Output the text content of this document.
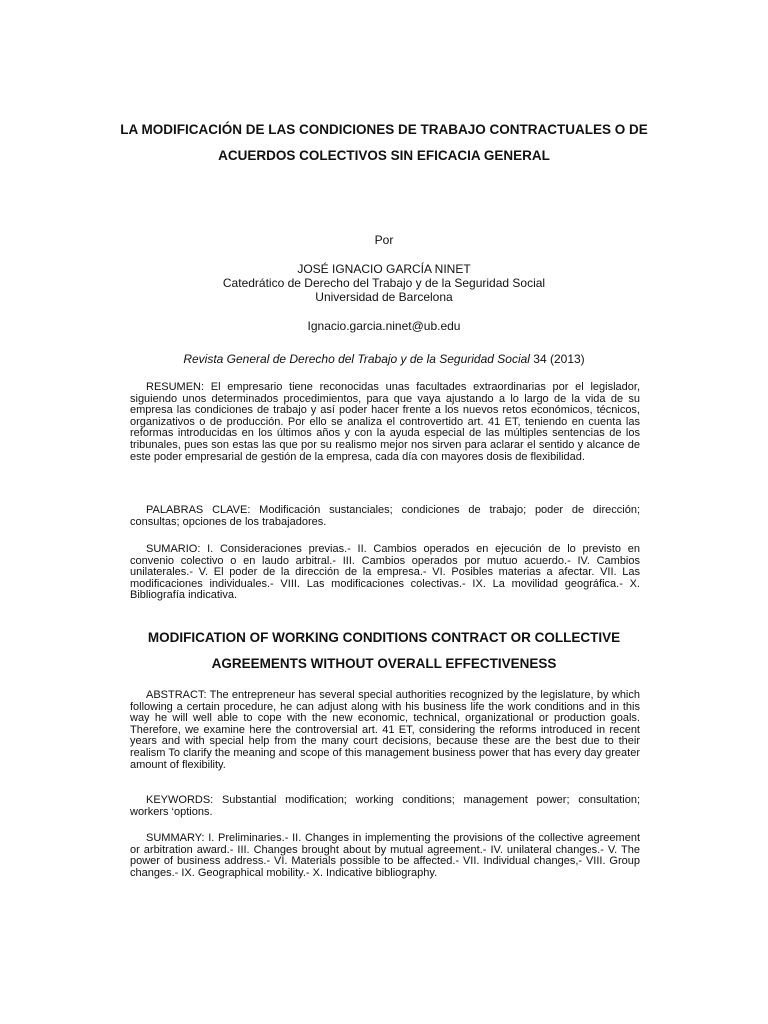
LA MODIFICACIÓN DE LAS CONDICIONES DE TRABAJO CONTRACTUALES O DE ACUERDOS COLECTIVOS SIN EFICACIA GENERAL

Por

JOSÉ IGNACIO GARCÍA NINET

Catedrático de Derecho del Trabajo y de la Seguridad Social

Universidad de Barcelona

Ignacio.garcia.ninet@ub.edu

Revista General de Derecho del Trabajo y de la Seguridad Social 34 (2013)

RESUMEN: El empresario tiene reconocidas unas facultades extraordinarias por el legislador, siguiendo unos determinados procedimientos, para que vaya ajustando a lo largo de la vida de su empresa las condiciones de trabajo y así poder hacer frente a los nuevos retos económicos, técnicos, organizativos o de producción. Por ello se analiza el controvertido art. 41 ET, teniendo en cuenta las reformas introducidas en los últimos años y con la ayuda especial de las múltiples sentencias de los tribunales, pues son estas las que por su realismo mejor nos sirven para aclarar el sentido y alcance de este poder empresarial de gestión de la empresa, cada día con mayores dosis de flexibilidad.

PALABRAS CLAVE: Modificación sustanciales; condiciones de trabajo; poder de dirección; consultas; opciones de los trabajadores.

SUMARIO: I. Consideraciones previas.- II. Cambios operados en ejecución de lo previsto en convenio colectivo o en laudo arbitral.- III. Cambios operados por mutuo acuerdo.- IV. Cambios unilaterales.- V. El poder de la dirección de la empresa.- VI. Posibles materias a afectar. VII. Las modificaciones individuales.- VIII. Las modificaciones colectivas.- IX. La movilidad geográfica.- X. Bibliografía indicativa.

MODIFICATION OF WORKING CONDITIONS CONTRACT OR COLLECTIVE AGREEMENTS WITHOUT OVERALL EFFECTIVENESS

ABSTRACT: The entrepreneur has several special authorities recognized by the legislature, by which following a certain procedure, he can adjust along with his business life the work conditions and in this way he will well able to cope with the new economic, technical, organizational or production goals. Therefore, we examine here the controversial art. 41 ET, considering the reforms introduced in recent years and with special help from the many court decisions, because these are the best due to their realism To clarify the meaning and scope of this management business power that has every day greater amount of flexibility.

KEYWORDS: Substantial modification; working conditions; management power; consultation; workers ‘options.

SUMMARY: I. Preliminaries.- II. Changes in implementing the provisions of the collective agreement or arbitration award.- III. Changes brought about by mutual agreement.- IV. unilateral changes.- V. The power of business address.- VI. Materials possible to be affected.- VII. Individual changes,- VIII. Group changes.- IX. Geographical mobility.- X. Indicative bibliography.
